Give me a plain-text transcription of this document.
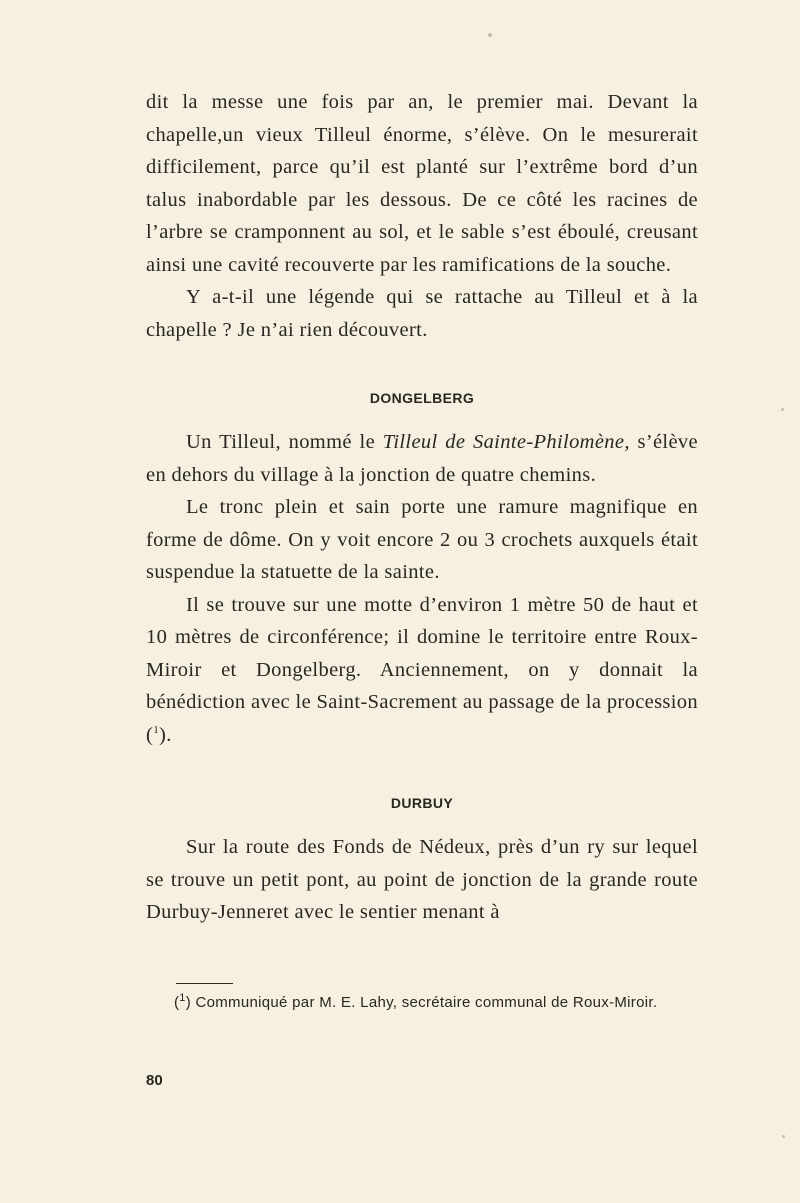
dit la messe une fois par an, le premier mai. Devant la chapelle,un vieux Tilleul énorme, s’élève. On le mesurerait difficilement, parce qu’il est planté sur l’extrême bord d’un talus inabordable par les dessous. De ce côté les racines de l’arbre se cramponnent au sol, et le sable s’est éboulé, creusant ainsi une cavité recouverte par les ramifications de la souche.

Y a-t-il une légende qui se rattache au Tilleul et à la chapelle ? Je n’ai rien découvert.

DONGELBERG

Un Tilleul, nommé le Tilleul de Sainte-Philomène, s’élève en dehors du village à la jonction de quatre chemins.

Le tronc plein et sain porte une ramure magnifique en forme de dôme. On y voit encore 2 ou 3 crochets auxquels était suspendue la statuette de la sainte.

Il se trouve sur une motte d’environ 1 mètre 50 de haut et 10 mètres de circonférence; il domine le territoire entre Roux-Miroir et Dongelberg. Anciennement, on y donnait la bénédiction avec le Saint-Sacrement au passage de la procession ($^1$).

DURBUY

Sur la route des Fonds de Nédeux, près d’un ry sur lequel se trouve un petit pont, au point de jonction de la grande route Durbuy-Jenneret avec le sentier menant à

($^1$) Communiqué par M. E. Lahy, secrétaire communal de Roux-Miroir.

80
